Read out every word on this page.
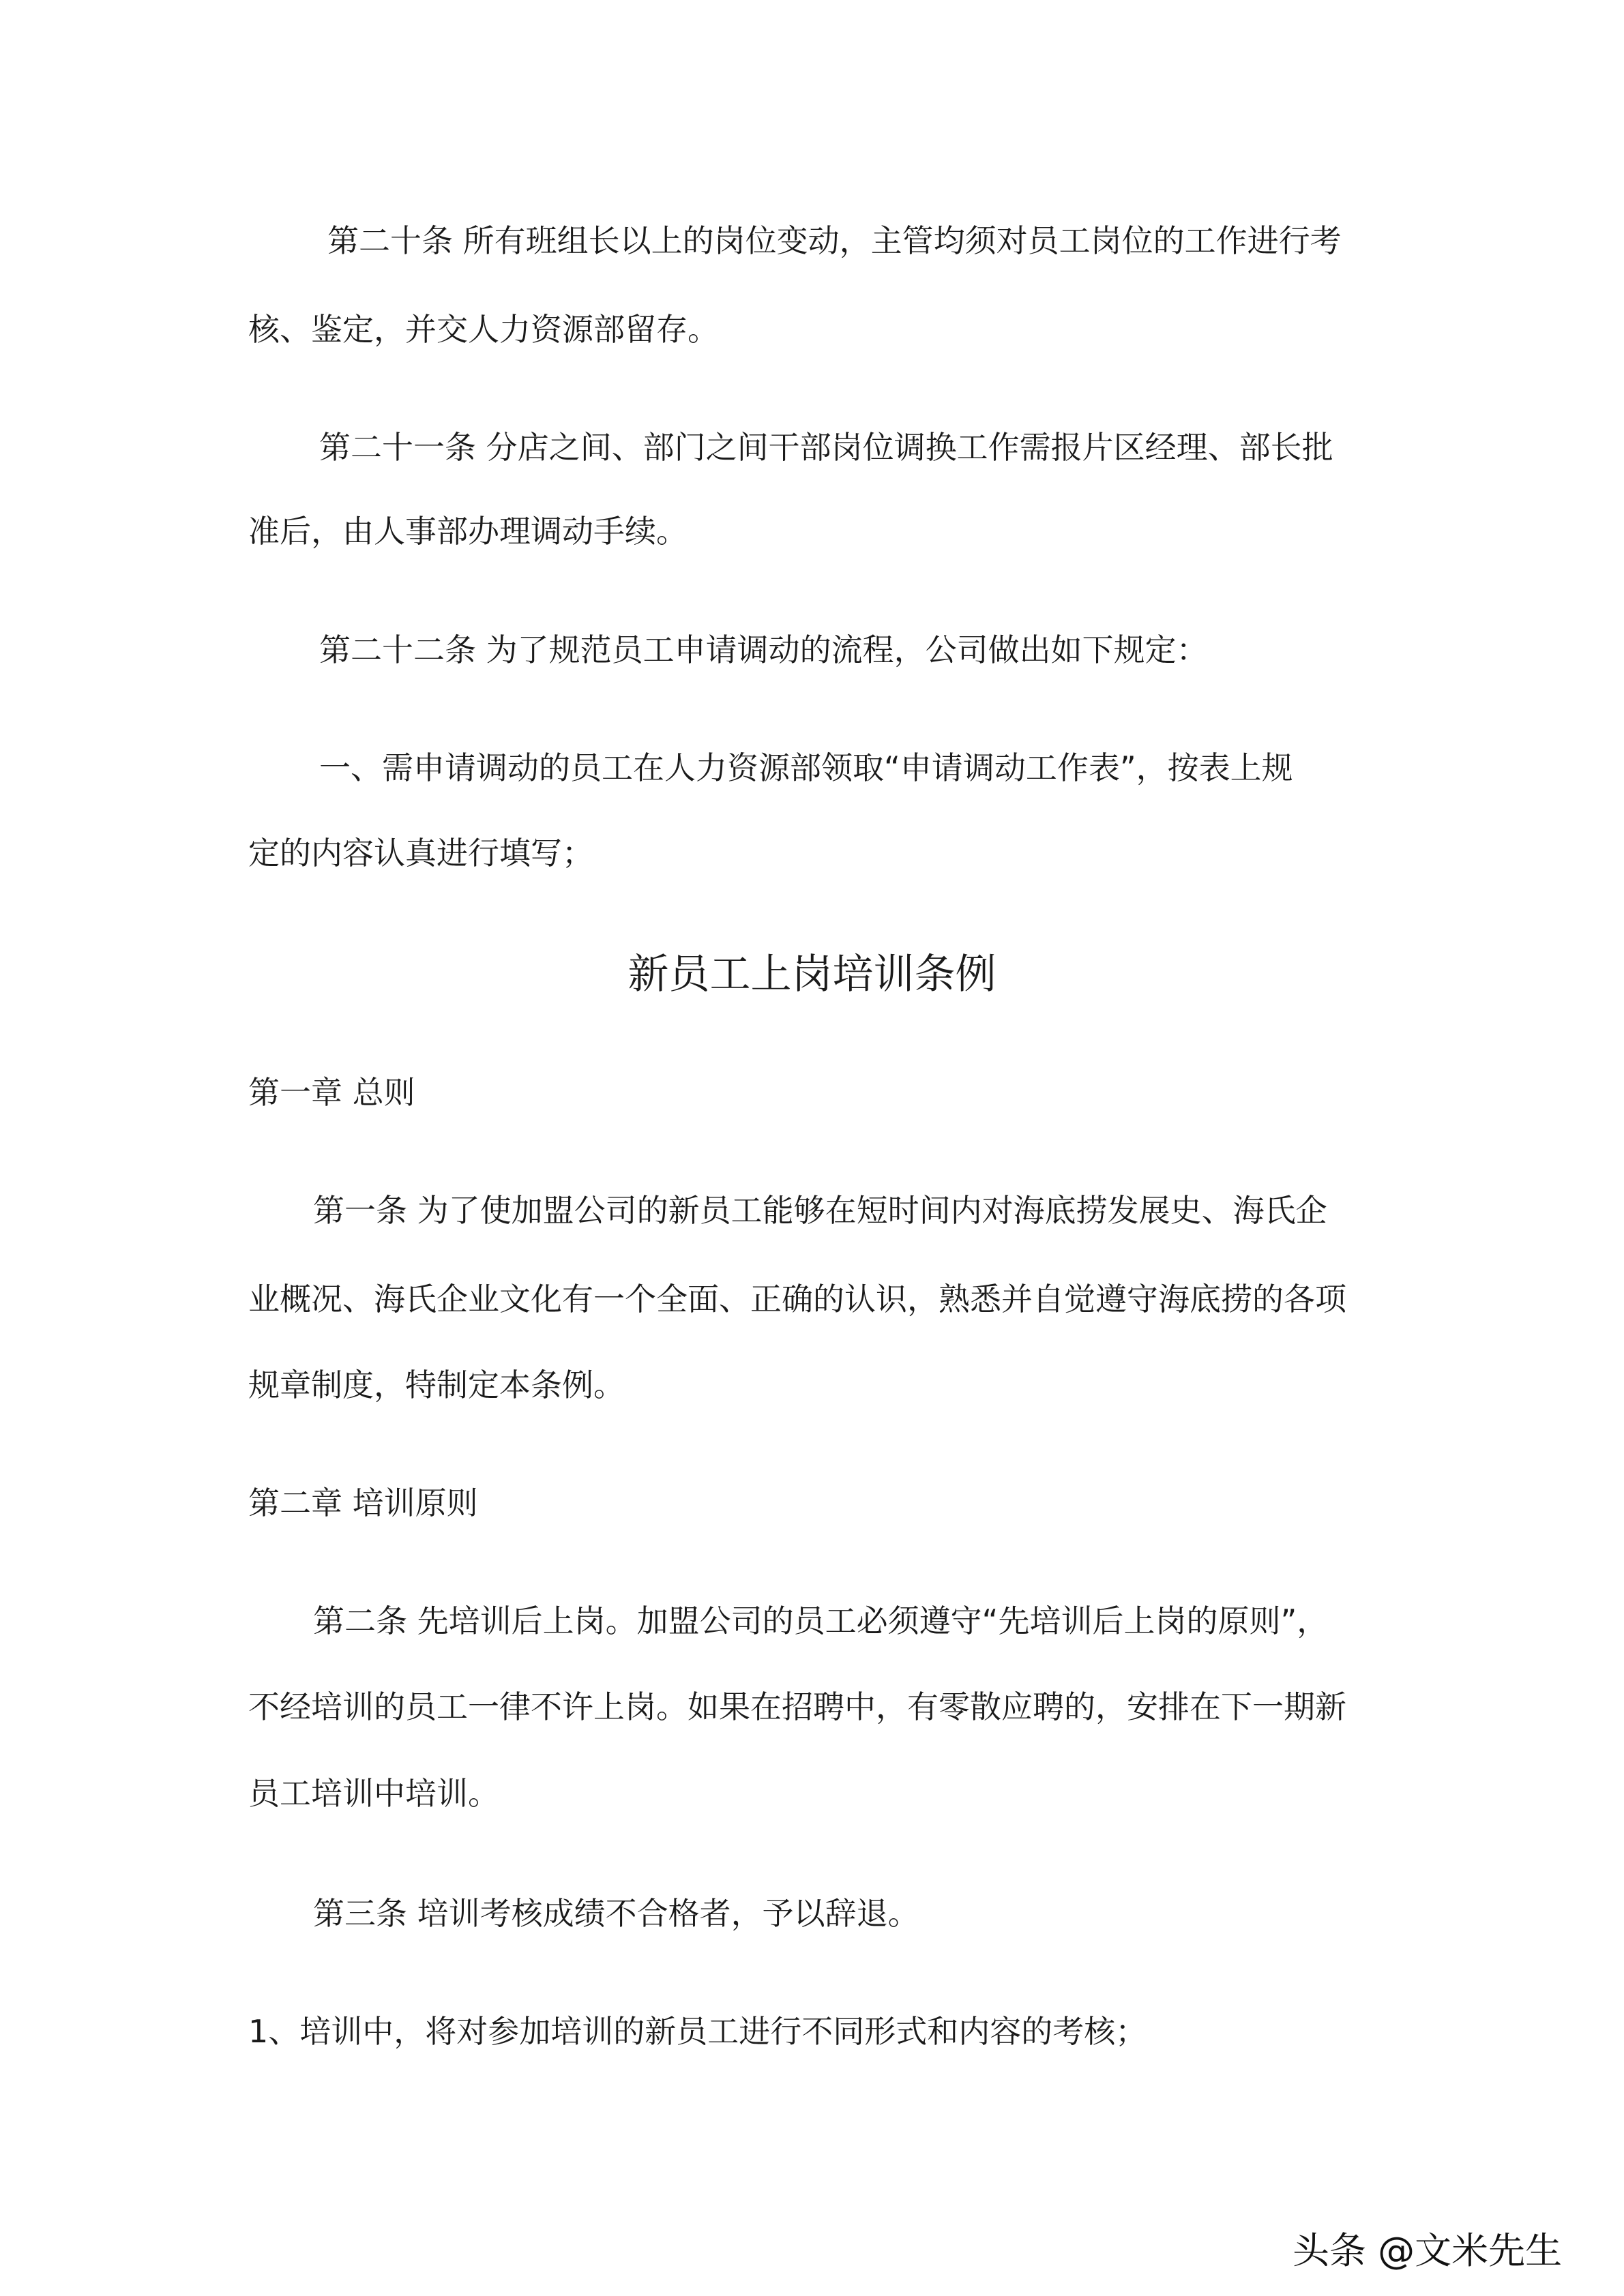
第二十条 所有班组长以上的岗位变动，主管均须对员工岗位的工作进行考
核、鉴定，并交人力资源部留存。
第二十一条 分店之间、部门之间干部岗位调换工作需报片区经理、部长批
准后，由人事部办理调动手续。
第二十二条 为了规范员工申请调动的流程，公司做出如下规定：
一、需申请调动的员工在人力资源部领取“申请调动工作表”，按表上规
定的内容认真进行填写；
新员工上岗培训条例
第一章 总则
第一条 为了使加盟公司的新员工能够在短时间内对海底捞发展史、海氏企
业概况、海氏企业文化有一个全面、正确的认识，熟悉并自觉遵守海底捞的各项
规章制度，特制定本条例。
第二章 培训原则
第二条 先培训后上岗。加盟公司的员工必须遵守“先培训后上岗的原则”，
不经培训的员工一律不许上岗。如果在招聘中，有零散应聘的，安排在下一期新
员工培训中培训。
第三条 培训考核成绩不合格者，予以辞退。
1、培训中，将对参加培训的新员工进行不同形式和内容的考核；
头条 @文米先生
